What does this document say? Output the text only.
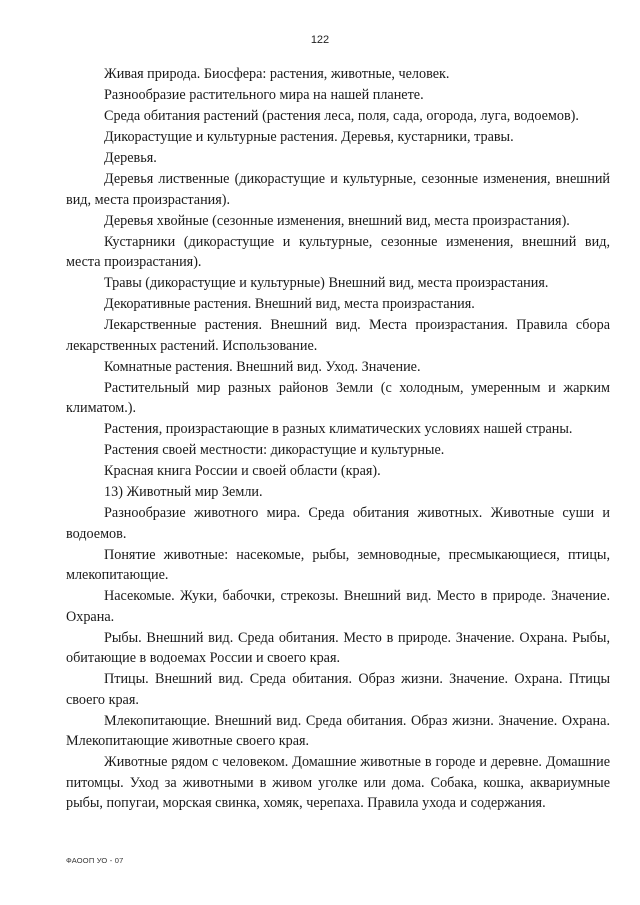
122

Живая природа. Биосфера: растения, животные, человек.

Разнообразие растительного мира на нашей планете.

Среда обитания растений (растения леса, поля, сада, огорода, луга, водоемов).

Дикорастущие и культурные растения. Деревья, кустарники, травы.

Деревья.

Деревья лиственные (дикорастущие и культурные, сезонные изменения, внешний вид, места произрастания).

Деревья хвойные (сезонные изменения, внешний вид, места произрастания).

Кустарники (дикорастущие и культурные, сезонные изменения, внешний вид, места произрастания).

Травы (дикорастущие и культурные) Внешний вид, места произрастания.

Декоративные растения. Внешний вид, места произрастания.

Лекарственные растения. Внешний вид. Места произрастания. Правила сбора лекарственных растений. Использование.

Комнатные растения. Внешний вид. Уход. Значение.

Растительный мир разных районов Земли (с холодным, умеренным и жарким климатом.).

Растения, произрастающие в разных климатических условиях нашей страны.

Растения своей местности: дикорастущие и культурные.

Красная книга России и своей области (края).

13) Животный мир Земли.

Разнообразие животного мира. Среда обитания животных. Животные суши и водоемов.

Понятие животные: насекомые, рыбы, земноводные, пресмыкающиеся, птицы, млекопитающие.

Насекомые. Жуки, бабочки, стрекозы. Внешний вид. Место в природе. Значение. Охрана.

Рыбы. Внешний вид. Среда обитания. Место в природе. Значение. Охрана. Рыбы, обитающие в водоемах России и своего края.

Птицы. Внешний вид. Среда обитания. Образ жизни. Значение. Охрана. Птицы своего края.

Млекопитающие. Внешний вид. Среда обитания. Образ жизни. Значение. Охрана. Млекопитающие животные своего края.

Животные рядом с человеком. Домашние животные в городе и деревне. Домашние питомцы. Уход за животными в живом уголке или дома. Собака, кошка, аквариумные рыбы, попугаи, морская свинка, хомяк, черепаха. Правила ухода и содержания.

ФАООП УО - 07
